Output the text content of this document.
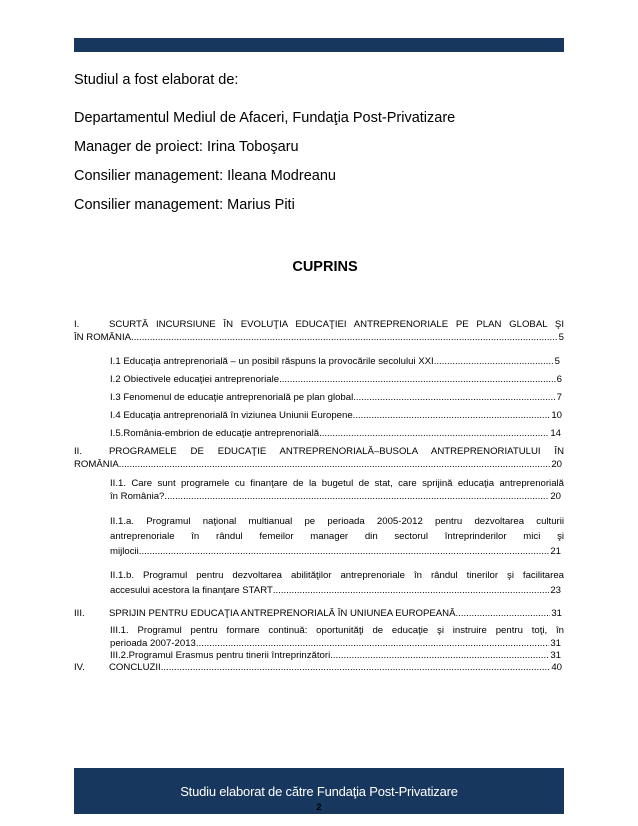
Studiul a fost elaborat de:
Departamentul Mediul de Afaceri, Fundaţia Post-Privatizare
Manager de proiect: Irina Toboşaru
Consilier management: Ileana Modreanu
Consilier management: Marius Piti
CUPRINS
I.	SCURTĂ INCURSIUNE ÎN EVOLUŢIA EDUCAŢIEI ANTREPRENORIALE PE PLAN GLOBAL ŞI
ÎN ROMÂNIA .....	5
I.1 Educaţia antreprenorială – un posibil răspuns la provocările secolului XXI .....	5
I.2 Obiectivele educaţiei antreprenoriale .....	6
I.3 Fenomenul de educaţie antreprenorială pe plan global .....	7
I.4 Educaţia antreprenorială în viziunea Uniunii Europene .....	10
I.5.România-embrion de educaţie antreprenorială .....	14
II.	PROGRAMELE DE EDUCAŢIE ANTREPRENORIALĂ–BUSOLA ANTREPRENORIATULUI ÎN
ROMÂNIA .....	20
II.1. Care sunt programele cu finanţare de la bugetul de stat, care sprijină educaţia antreprenorială
în România? .....	20
II.1.a. Programul naţional multianual pe perioada 2005-2012 pentru dezvoltarea culturii
antreprenoriale în rândul femeilor manager din sectorul întreprinderilor mici şi
mijlocii .....	21
II.1.b. Programul pentru dezvoltarea abilităţilor antreprenoriale în rândul tinerilor şi facilitarea
accesului acestora la finanţare START .....	23
III.	SPRIJIN PENTRU EDUCAŢIA ANTREPRENORIALĂ ÎN UNIUNEA EUROPEANĂ .....	31
III.1. Programul pentru formare continuă: oportunităţi de educaţie şi instruire pentru toţi, în
perioada 2007-2013 .....	31
III.2.Programul Erasmus pentru tinerii întreprinzători .....	31
IV.	CONCLUZII .....	40
Studiu elaborat de către Fundaţia Post-Privatizare
2
